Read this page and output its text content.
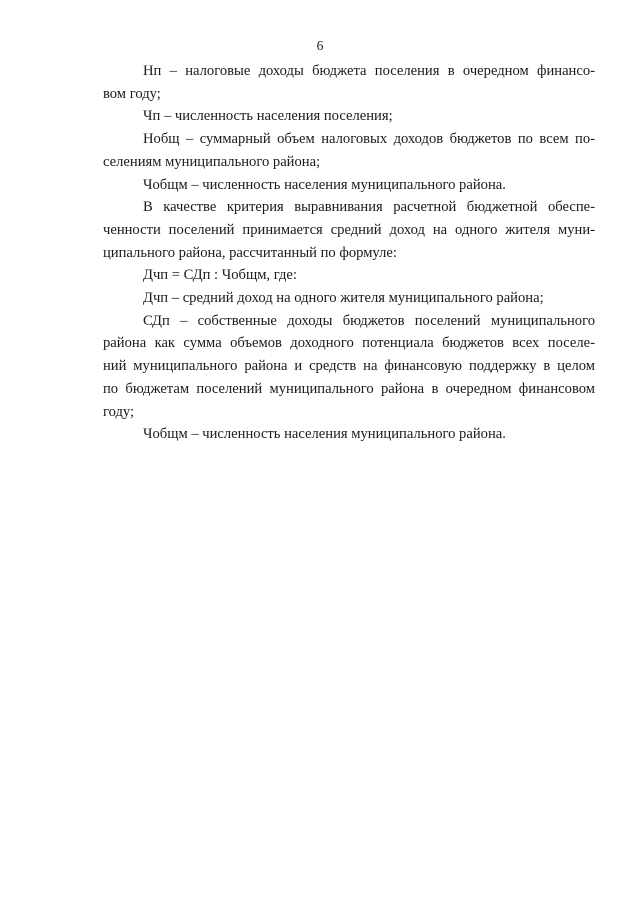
6

Нп – налоговые доходы бюджета поселения в очередном финансо-
вом году;

Чп – численность населения поселения;

Нобщ – суммарный объем налоговых доходов бюджетов по всем по-
селениям муниципального района;

Чобщм – численность населения муниципального района.

В качестве критерия выравнивания расчетной бюджетной обеспе-
ченности поселений принимается средний доход на одного жителя муни-
ципального района, рассчитанный по формуле:

Дчп = СДп : Чобщм, где:

Дчп – средний доход на одного жителя муниципального района;

СДп – собственные доходы бюджетов поселений муниципального
района как сумма объемов доходного потенциала бюджетов всех поселе-
ний муниципального района и средств на финансовую поддержку в целом
по бюджетам поселений муниципального района в очередном финансовом
году;

Чобщм – численность населения муниципального района.
